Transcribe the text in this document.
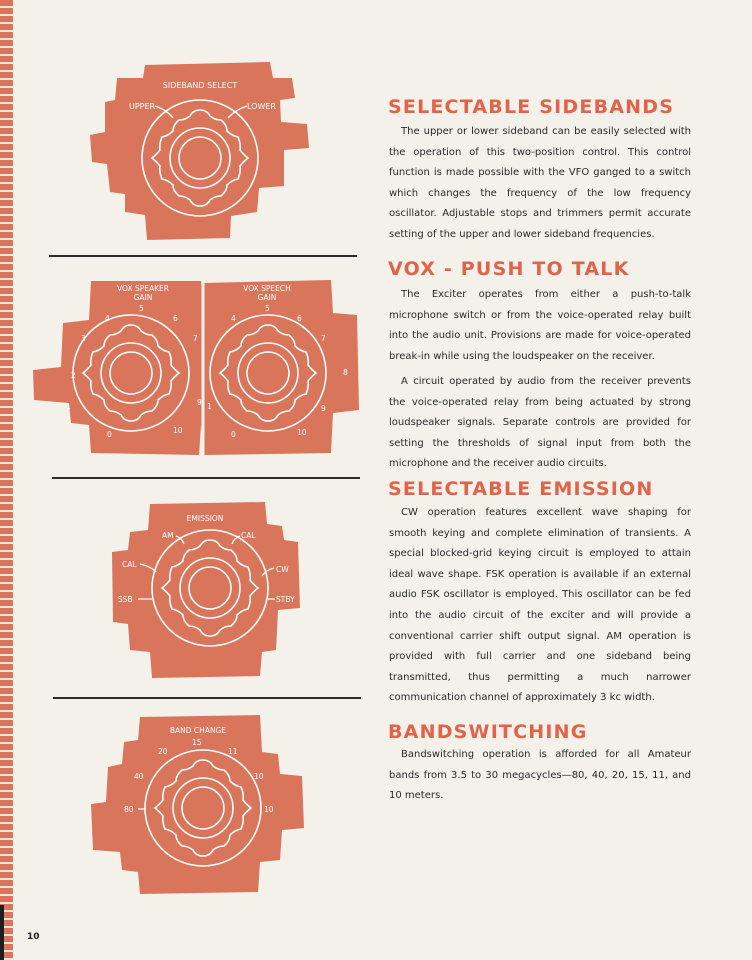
SIDEBAND SELECT
UPPER	LOWER
VOX SPEAKER
GAIN
VOX SPEECH
GAIN
0
1
2
3
4
5
6
7
9
10	0
1
4
5
6
7
8
9
10
EMISSION
AM	CAL
CAL
CW
SSB	STBY
BAND CHANGE
15
20	11
40	10
80	10
SELECTABLE SIDEBANDS

The upper or lower sideband can be easily selected with the operation of this two-position control. This control function is made possible with the VFO ganged to a switch which changes the frequency of the low frequency oscillator. Adjustable stops and trimmers permit accurate setting of the upper and lower sideband frequencies.

VOX - PUSH TO TALK

The Exciter operates from either a push-to-talk microphone switch or from the voice-operated relay built into the audio unit. Provisions are made for voice-operated break-in while using the loudspeaker on the receiver.

A circuit operated by audio from the receiver prevents the voice-operated relay from being actuated by strong loudspeaker signals. Separate controls are provided for setting the thresholds of signal input from both the microphone and the receiver audio circuits.

SELECTABLE EMISSION

CW operation features excellent wave shaping for smooth keying and complete elimination of transients. A special blocked-grid keying circuit is employed to attain ideal wave shape. FSK operation is available if an external audio FSK oscillator is employed. This oscillator can be fed into the audio circuit of the exciter and will provide a conventional carrier shift output signal. AM operation is provided with full carrier and one sideband being transmitted, thus permitting a much narrower communication channel of approximately 3 kc width.

BANDSWITCHING

Bandswitching operation is afforded for all Amateur bands from 3.5 to 30 megacycles—80, 40, 20, 15, 11, and 10 meters.

10
